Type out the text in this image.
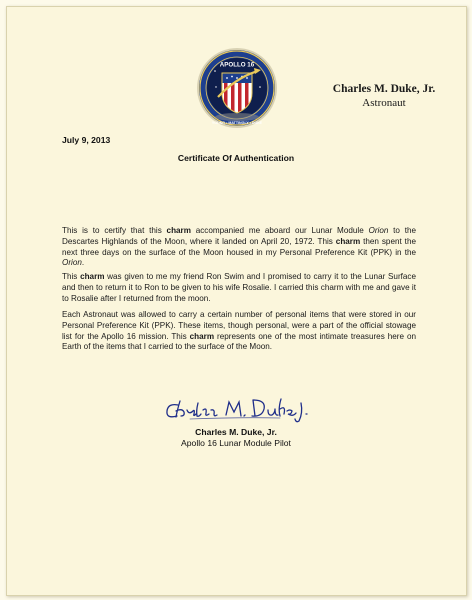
APOLLO 16
YOUNG • MATTINGLY • DUKE
Charles M. Duke, Jr.
Astronaut
July 9, 2013
Certificate Of Authentication
This is to certify that this charm accompanied me aboard our Lunar Module Orion to the Descartes Highlands of the Moon, where it landed on April 20, 1972. This charm then spent the next three days on the surface of the Moon housed in my Personal Preference Kit (PPK) in the Orion.
This charm was given to me my friend Ron Swim and I promised to carry it to the Lunar Surface and then to return it to Ron to be given to his wife Rosalie. I carried this charm with me and gave it to Rosalie after I returned from the moon.
Each Astronaut was allowed to carry a certain number of personal items that were stored in our Personal Preference Kit (PPK). These items, though personal, were a part of the official stowage list for the Apollo 16 mission. This charm represents one of the most intimate treasures here on Earth of the items that I carried to the surface of the Moon.
Charles M. Duke, Jr.
Apollo 16 Lunar Module Pilot
